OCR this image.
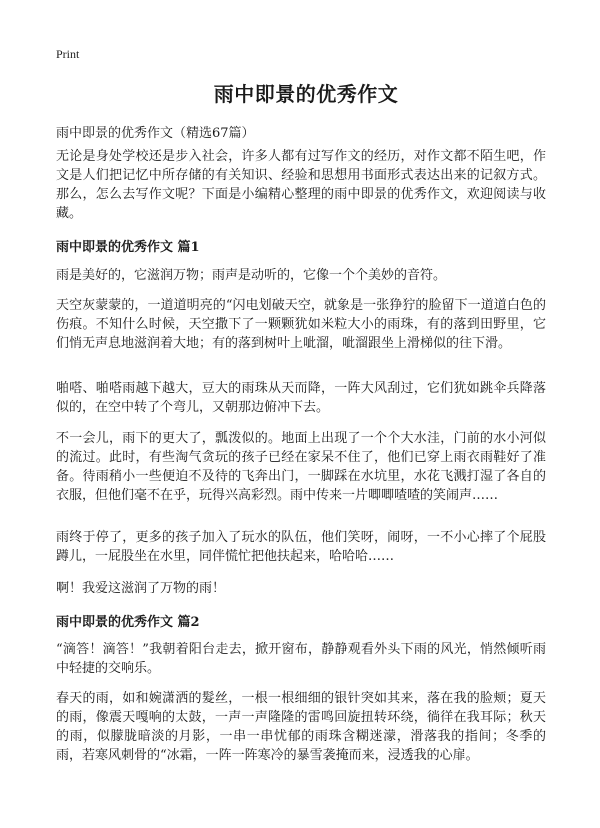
Print
雨中即景的优秀作文
雨中即景的优秀作文（精选67篇）

无论是身处学校还是步入社会，许多人都有过写作文的经历，对作文都不陌生吧，作文是人们把记忆中所存储的有关知识、经验和思想用书面形式表达出来的记叙方式。那么，怎么去写作文呢？下面是小编精心整理的雨中即景的优秀作文，欢迎阅读与收藏。

雨中即景的优秀作文 篇1

雨是美好的，它滋润万物；雨声是动听的，它像一个个美妙的音符。

天空灰蒙蒙的，一道道明亮的“闪电划破天空，就象是一张狰狞的脸留下一道道白色的伤痕。不知什么时候，天空撒下了一颗颗犹如米粒大小的雨珠，有的落到田野里，它们悄无声息地滋润着大地；有的落到树叶上呲溜，呲溜跟坐上滑梯似的往下滑。

啪嗒、啪嗒雨越下越大，豆大的雨珠从天而降，一阵大风刮过，它们犹如跳伞兵降落似的，在空中转了个弯儿，又朝那边俯冲下去。

不一会儿，雨下的更大了，瓢泼似的。地面上出现了一个个大水洼，门前的水小河似的流过。此时，有些淘气贪玩的孩子已经在家呆不住了，他们已穿上雨衣雨鞋好了准备。待雨稍小一些便迫不及待的飞奔出门，一脚踩在水坑里，水花飞溅打湿了各自的衣服，但他们毫不在乎，玩得兴高彩烈。雨中传来一片唧唧喳喳的笑闹声……

雨终于停了，更多的孩子加入了玩水的队伍，他们笑呀，闹呀，一不小心摔了个屁股蹲儿，一屁股坐在水里，同伴慌忙把他扶起来，哈哈哈……

啊！我爱这滋润了万物的雨！

雨中即景的优秀作文 篇2

“滴答！滴答！”我朝着阳台走去，掀开窗布，静静观看外头下雨的风光，悄然倾听雨中轻捷的交响乐。

春天的雨，如和婉潇洒的髮丝，一根一根细细的银针突如其来，落在我的脸颊；夏天的雨，像震天嘎响的太鼓，一声一声隆隆的雷鸣回旋扭转环绕，徜徉在我耳际；秋天的雨，似朦胧暗淡的月影，一串一串忧郁的雨珠含糊迷濛，滑落我的指间；冬季的雨，若寒风刺骨的“冰霜，一阵一阵寒冷的暴雪袭掩而来，浸透我的心扉。
